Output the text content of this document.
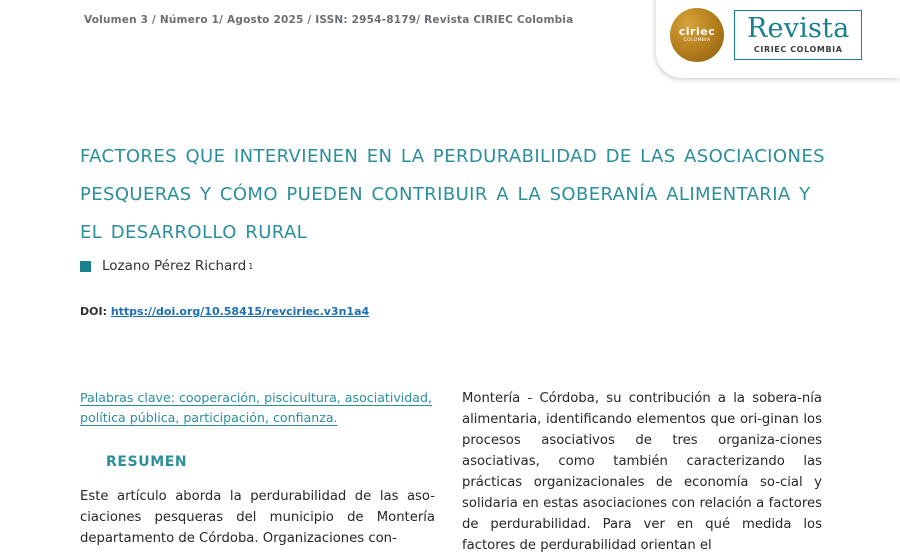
Volumen 3 / Número 1/ Agosto 2025 / ISSN: 2954-8179/ Revista CIRIEC Colombia
ciriec
COLOMBIA Revista
CIRIEC COLOMBIA
factores que intervienen en la perdurabilidad de las asociaciones pesqueras y cómo pueden contribuir a la soberanía alimentaria y el desarrollo rural
Lozano Pérez Richard 1
DOI: https://doi.org/10.58415/revciriec.v3n1a4
Palabras clave: cooperación, piscicultura, asociatividad, política pública, participación, confianza.
RESUMEN
Este artículo aborda la perdurabilidad de las aso-ciaciones pesqueras del municipio de Montería departamento de Córdoba. Organizaciones con-
Montería - Córdoba, su contribución a la sobera-nía alimentaria, identificando elementos que ori-ginan los procesos asociativos de tres organiza-ciones asociativas, como también caracterizando las prácticas organizacionales de economía so-cial y solidaria en estas asociaciones con relación a factores de perdurabilidad. Para ver en qué medida los factores de perdurabilidad orientan el
